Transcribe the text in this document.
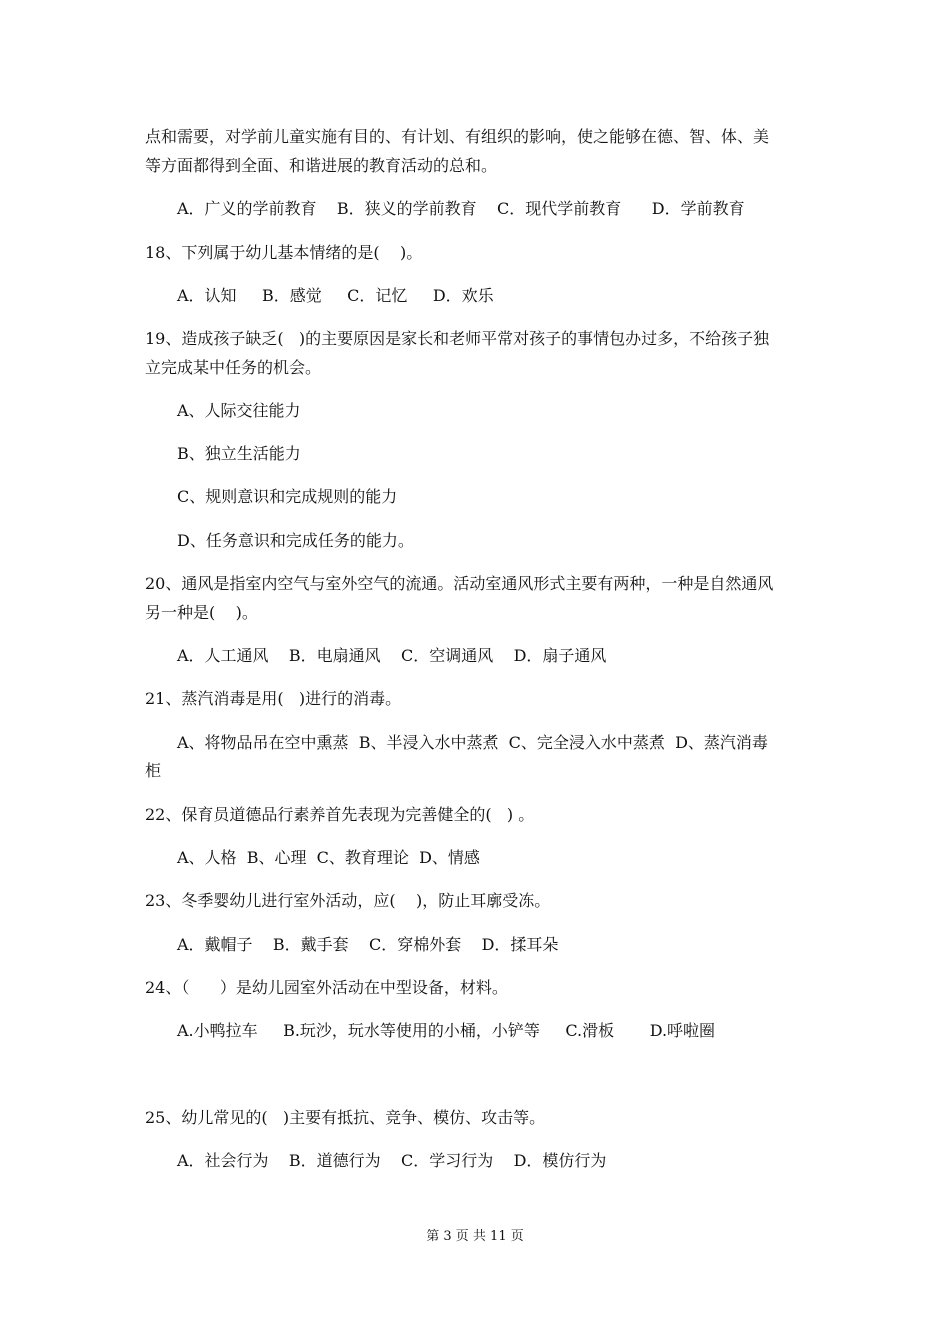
点和需要，对学前儿童实施有目的、有计划、有组织的影响，使之能够在德、智、体、美
等方面都得到全面、和谐进展的教育活动的总和。
A．广义的学前教育    B．狭义的学前教育    C．现代学前教育      D．学前教育
18、下列属于幼儿基本情绪的是(    )。
A．认知     B．感觉     C．记忆     D．欢乐
19、造成孩子缺乏(   )的主要原因是家长和老师平常对孩子的事情包办过多，不给孩子独
立完成某中任务的机会。
A、人际交往能力
B、独立生活能力
C、规则意识和完成规则的能力
D、任务意识和完成任务的能力。
20、通风是指室内空气与室外空气的流通。活动室通风形式主要有两种，一种是自然通风
另一种是(    )。
A．人工通风    B．电扇通风    C．空调通风    D．扇子通风
21、蒸汽消毒是用(   )进行的消毒。
A、将物品吊在空中熏蒸  B、半浸入水中蒸煮  C、完全浸入水中蒸煮  D、蒸汽消毒
柜
22、保育员道德品行素养首先表现为完善健全的(   ) 。
A、人格  B、心理  C、教育理论  D、情感
23、冬季婴幼儿进行室外活动，应(    )，防止耳廓受冻。
A．戴帽子    B．戴手套    C．穿棉外套    D．揉耳朵
24、（      ）是幼儿园室外活动在中型设备，材料。
A.小鸭拉车     B.玩沙，玩水等使用的小桶，小铲等     C.滑板       D.呼啦圈
25、幼儿常见的(   )主要有抵抗、竞争、模仿、攻击等。
A．社会行为    B．道德行为    C．学习行为    D．模仿行为
第 3 页 共 11 页
